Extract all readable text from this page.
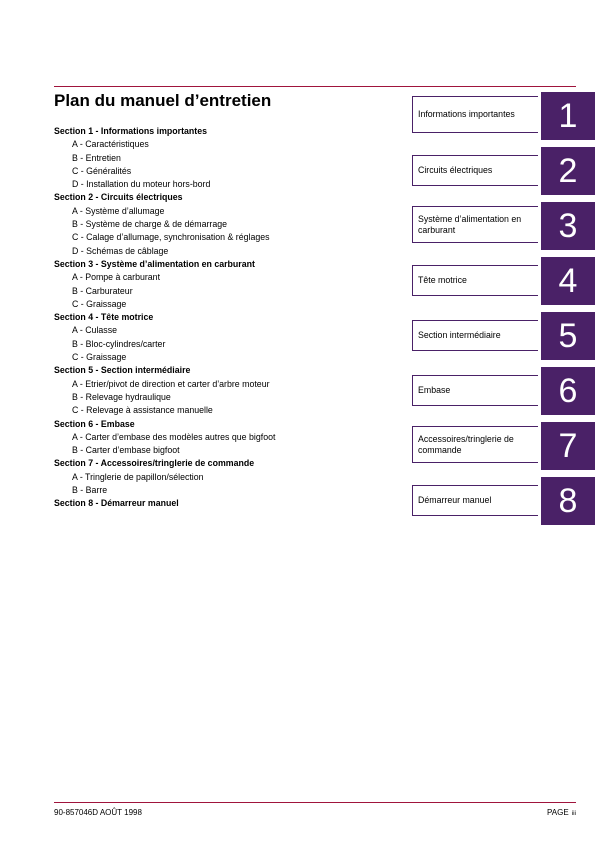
Plan du manuel d’entretien
Section 1 - Informations importantes
A - Caractéristiques
B - Entretien
C - Généralités
D - Installation du moteur hors-bord
Section 2 - Circuits électriques
A - Système d’allumage
B - Système de charge & de démarrage
C - Calage d’allumage, synchronisation & réglages
D - Schémas de câblage
Section 3 - Système d’alimentation en carburant
A - Pompe à carburant
B - Carburateur
C - Graissage
Section 4 - Tête motrice
A - Culasse
B - Bloc-cylindres/carter
C - Graissage
Section 5 - Section intermédiaire
A - Etrier/pivot de direction et carter d’arbre moteur
B - Relevage hydraulique
C - Relevage à assistance manuelle
Section 6 - Embase
A - Carter d’embase des modèles autres que bigfoot
B - Carter d’embase bigfoot
Section 7 - Accessoires/tringlerie de commande
A - Tringlerie de papillon/sélection
B - Barre
Section 8 - Démarreur manuel
Informations importantes	1
Circuits électriques	2
Système d’alimentation en carburant	3
Tête motrice	4
Section intermédiaire	5
Embase	6
Accessoires/tringlerie de commande	7
Démarreur manuel	8
90-857046D AOÛT 1998	PAGE iii
